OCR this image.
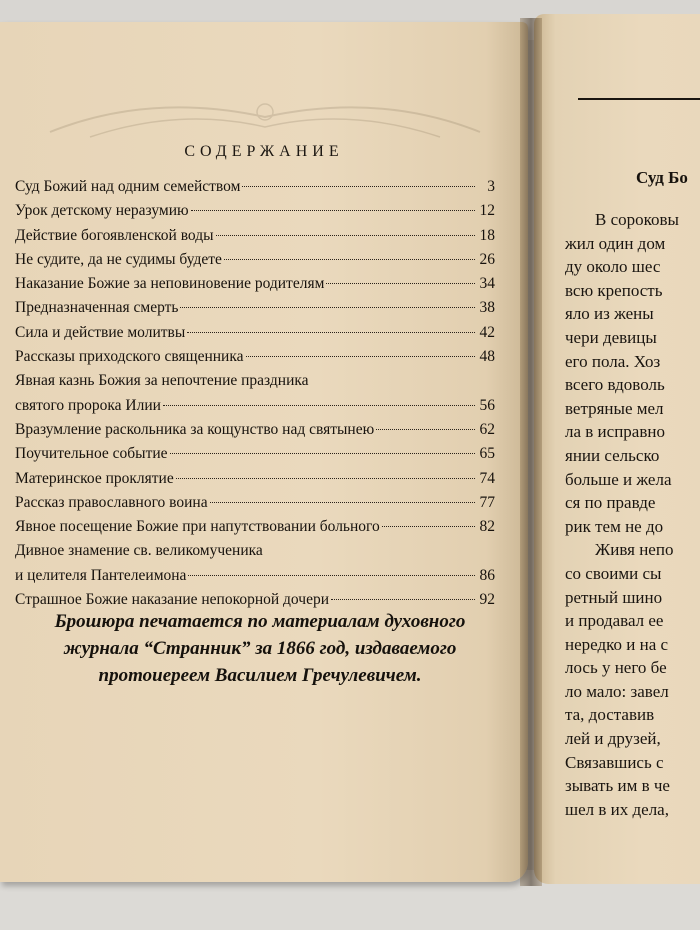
СОДЕРЖАНИЕ
Суд Божий над одним семейством	3
Урок детскому неразумию	12
Действие богоявленской воды	18
Не судите, да не судимы будете	26
Наказание Божие за неповиновение родителям	34
Предназначенная смерть	38
Сила и действие молитвы	42
Рассказы приходского священника	48
Явная казнь Божия за непочтение праздника
святого пророка Илии	56
Вразумление раскольника за кощунство над святынею	62
Поучительное событие	65
Материнское проклятие	74
Рассказ православного воина	77
Явное посещение Божие при напутствовании больного	82
Дивное знамение св. великомученика
и целителя Пантелеимона	86
Страшное Божие наказание непокорной дочери	92
Брошюра печатается по материалам духовного
журнала “Странник” за 1866 год, издаваемого
протоиереем Василием Гречулевичем.
Суд Бо
В сороковы
жил один дом
ду около шес
всю крепость
яло из жены
чери девицы
его пола. Хоз
всего вдоволь
ветряные мел
ла в исправно
янии сельско
больше и жела
ся по правде
рик тем не до
Живя непо
со своими сы
ретный шино
и продавал ее
нередко и на с
лось у него бе
ло мало: завел
та, доставив
лей и друзей,
Связавшись с
зывать им в че
шел в их дела,
